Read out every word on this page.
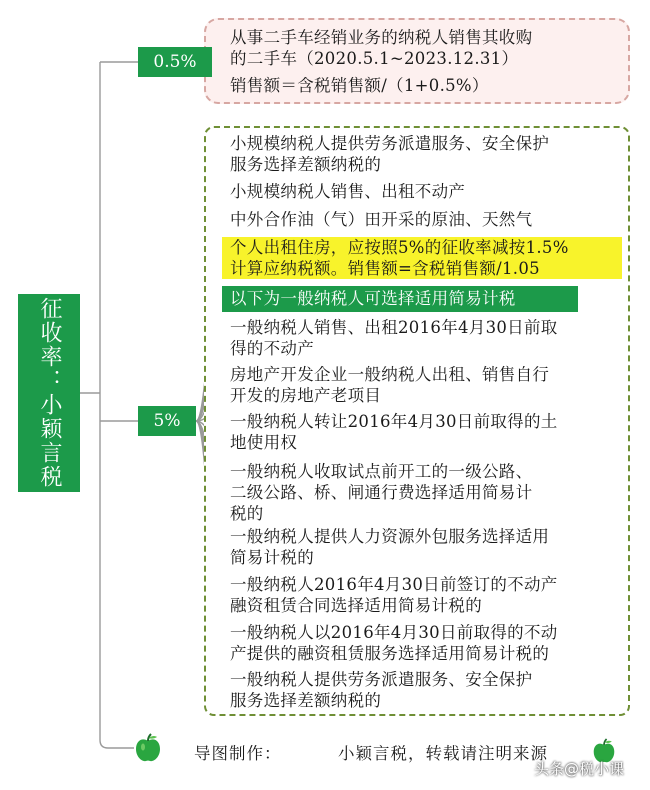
征收率：小颖言税
0.5%
5%
从事二手车经销业务的纳税人销售其收购
的二手车（2020.5.1~2023.12.31）
销售额＝含税销售额/（1+0.5%）
小规模纳税人提供劳务派遣服务、安全保护
服务选择差额纳税的
小规模纳税人销售、出租不动产
中外合作油（气）田开采的原油、天然气
个人出租住房，应按照5%的征收率减按1.5%
计算应纳税额。销售额=含税销售额/1.05
以下为一般纳税人可选择适用简易计税
一般纳税人销售、出租2016年4月30日前取
得的不动产
房地产开发企业一般纳税人出租、销售自行
开发的房地产老项目
一般纳税人转让2016年4月30日前取得的土
地使用权
一般纳税人收取试点前开工的一级公路、
二级公路、桥、闸通行费选择适用简易计
税的
一般纳税人提供人力资源外包服务选择适用
简易计税的
一般纳税人2016年4月30日前签订的不动产
融资租赁合同选择适用简易计税的
一般纳税人以2016年4月30日前取得的不动
产提供的融资租赁服务选择适用简易计税的
一般纳税人提供劳务派遣服务、安全保护
服务选择差额纳税的
导图制作：	小颖言税，转载请注明来源
头条@税小课
